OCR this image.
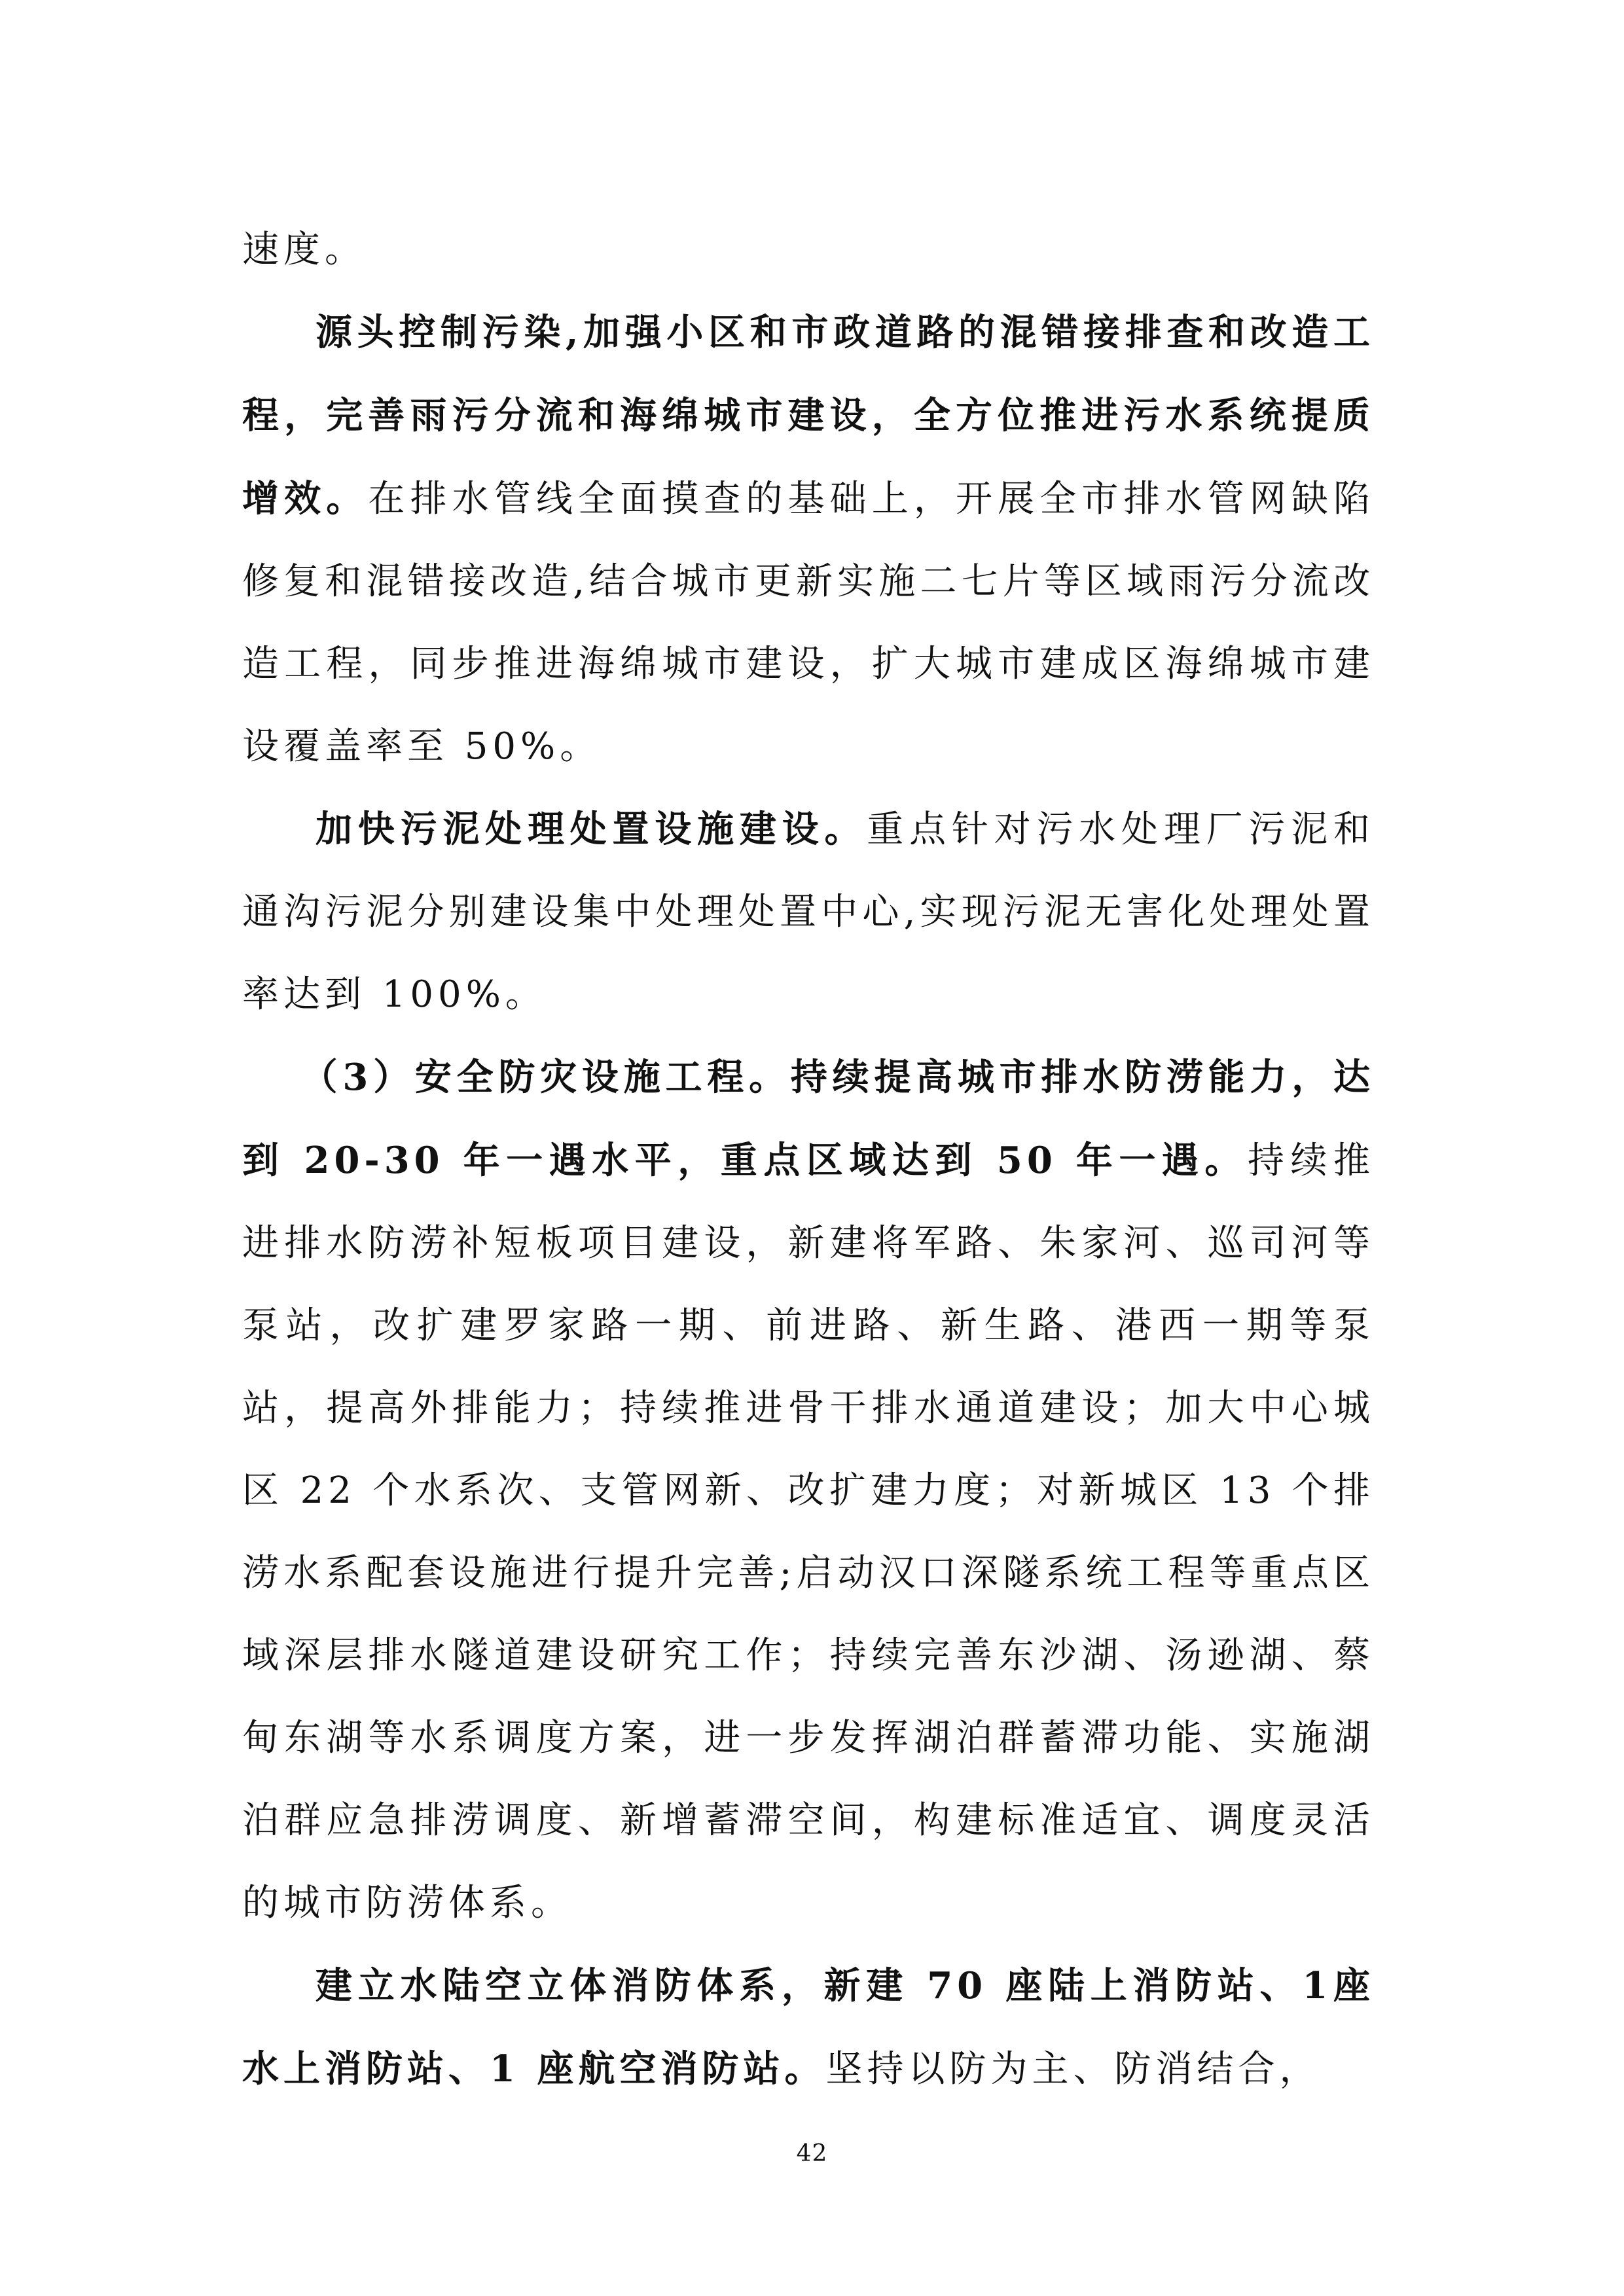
速度。

源头控制污染,加强小区和市政道路的混错接排查和改造工程，完善雨污分流和海绵城市建设，全方位推进污水系统提质增效。在排水管线全面摸查的基础上，开展全市排水管网缺陷修复和混错接改造,结合城市更新实施二七片等区域雨污分流改造工程，同步推进海绵城市建设，扩大城市建成区海绵城市建设覆盖率至 50%。

加快污泥处理处置设施建设。重点针对污水处理厂污泥和通沟污泥分别建设集中处理处置中心,实现污泥无害化处理处置率达到 100%。

（3）安全防灾设施工程。持续提高城市排水防涝能力，达到 20-30 年一遇水平，重点区域达到 50 年一遇。持续推进排水防涝补短板项目建设，新建将军路、朱家河、巡司河等泵站，改扩建罗家路一期、前进路、新生路、港西一期等泵站，提高外排能力；持续推进骨干排水通道建设；加大中心城区 22 个水系次、支管网新、改扩建力度；对新城区 13 个排涝水系配套设施进行提升完善;启动汉口深隧系统工程等重点区域深层排水隧道建设研究工作；持续完善东沙湖、汤逊湖、蔡甸东湖等水系调度方案，进一步发挥湖泊群蓄滞功能、实施湖泊群应急排涝调度、新增蓄滞空间，构建标准适宜、调度灵活的城市防涝体系。

建立水陆空立体消防体系，新建 70 座陆上消防站、1座水上消防站、1 座航空消防站。坚持以防为主、防消结合，

42
